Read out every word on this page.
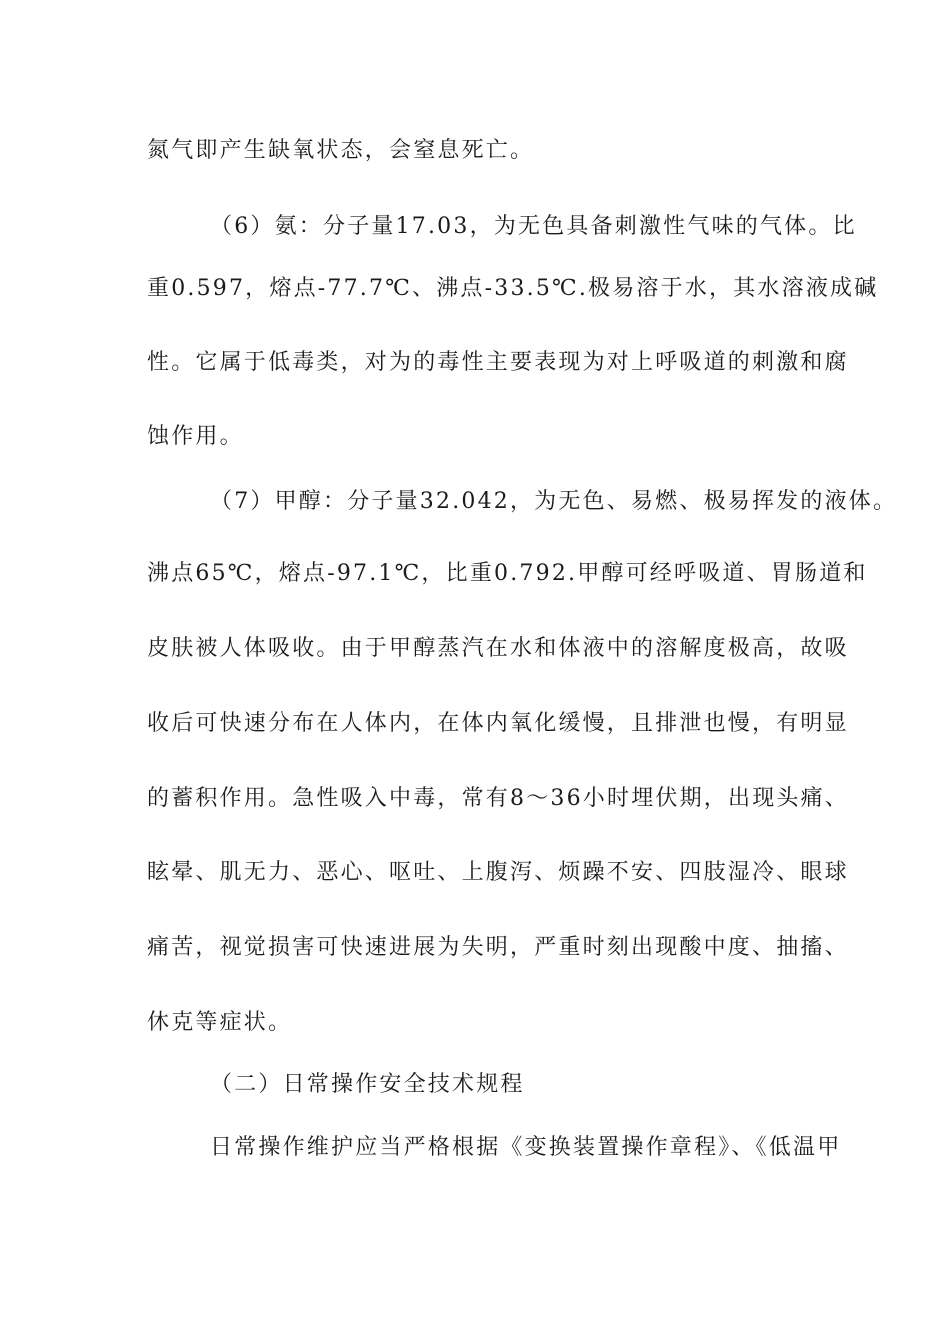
氮气即产生缺氧状态，会窒息死亡。
（6）氨：分子量17.03，为无色具备刺激性气味的气体。比
重0.597，熔点-77.7℃、沸点-33.5℃.极易溶于水，其水溶液成碱
性。它属于低毒类，对为的毒性主要表现为对上呼吸道的刺激和腐
蚀作用。
（7）甲醇：分子量32.042，为无色、易燃、极易挥发的液体。
沸点65℃，熔点-97.1℃，比重0.792.甲醇可经呼吸道、胃肠道和
皮肤被人体吸收。由于甲醇蒸汽在水和体液中的溶解度极高，故吸
收后可快速分布在人体内，在体内氧化缓慢，且排泄也慢，有明显
的蓄积作用。急性吸入中毒，常有8～36小时埋伏期，出现头痛、
眩晕、肌无力、恶心、呕吐、上腹泻、烦躁不安、四肢湿冷、眼球
痛苦，视觉损害可快速进展为失明，严重时刻出现酸中度、抽搐、
休克等症状。
（二）日常操作安全技术规程
日常操作维护应当严格根据《变换装置操作章程》、《低温甲
